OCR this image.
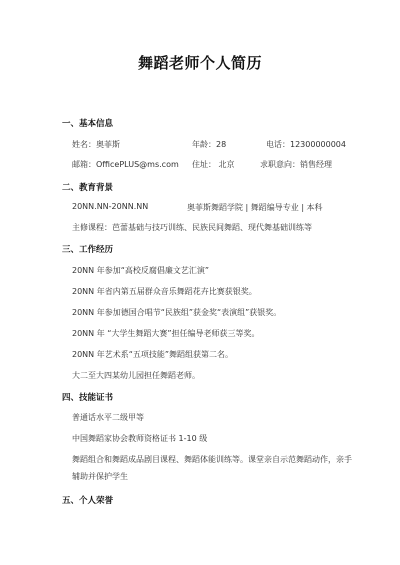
舞蹈老师个人简历
一、基本信息
姓名：奥菲斯	年龄：28	电话：12300000004
邮箱：OfficePLUS@ms.com 住址： 北京	求职意向：销售经理
二、教育背景
20NN.NN-20NN.NN	奥菲斯舞蹈学院 | 舞蹈编导专业 | 本科
主修课程：芭蕾基础与技巧训练、民族民间舞蹈、现代舞基础训练等
三、工作经历
20NN 年参加“高校反腐倡廉文艺汇演”
20NN 年省内第五届群众音乐舞蹈花卉比赛获银奖。
20NN 年参加德国合唱节“民族组”获金奖“表演组”获银奖。
20NN 年 “大学生舞蹈大赛”担任编导老师获三等奖。
20NN 年艺术系“五项技能”舞蹈组获第二名。
大二至大四某幼儿园担任舞蹈老师。
四、技能证书
普通话水平二级甲等
中国舞蹈家协会教师资格证书 1-10 级
舞蹈组合和舞蹈成品剧目课程、舞蹈体能训练等。课堂亲自示范舞蹈动作，亲手辅助并保护学生
五、个人荣誉
